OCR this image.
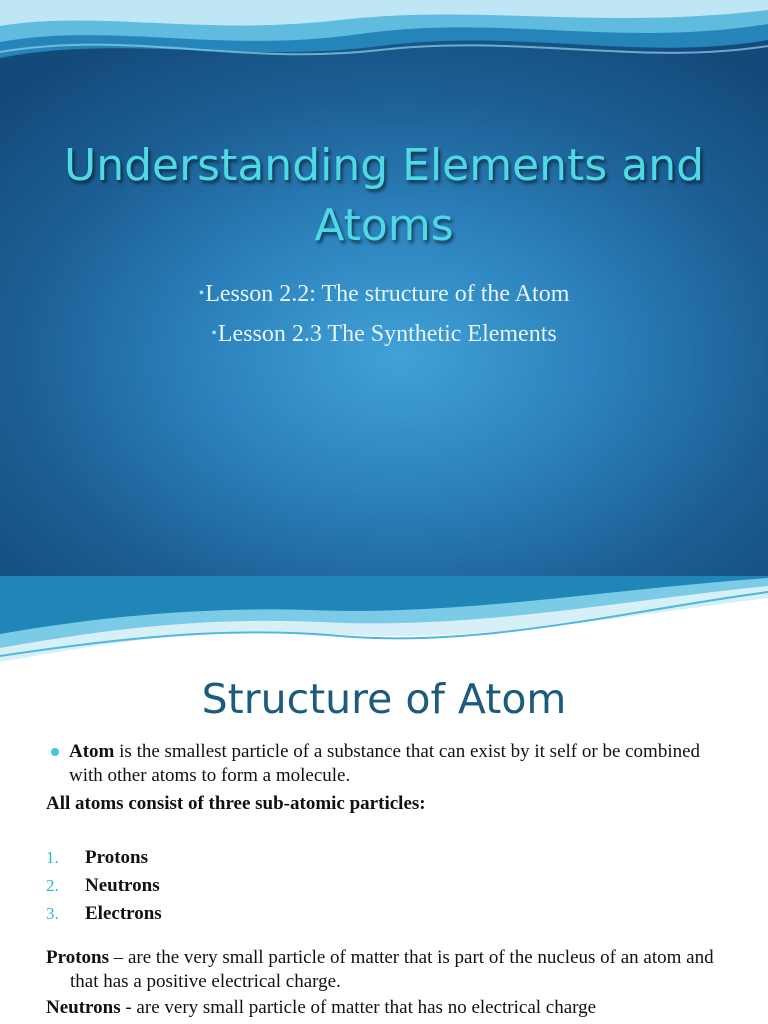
Understanding Elements and Atoms
•Lesson 2.2: The structure of the Atom
•Lesson 2.3 The Synthetic Elements
Structure of Atom
Atom is the smallest particle of a substance that can exist by it self or be combined with other atoms to form a molecule.
All atoms consist of three sub-atomic particles:
1. Protons
2. Neutrons
3. Electrons
Protons – are the very small particle of matter that is part of the nucleus of an atom and that has a positive electrical charge.
Neutrons - are very small particle of matter that has no electrical charge
